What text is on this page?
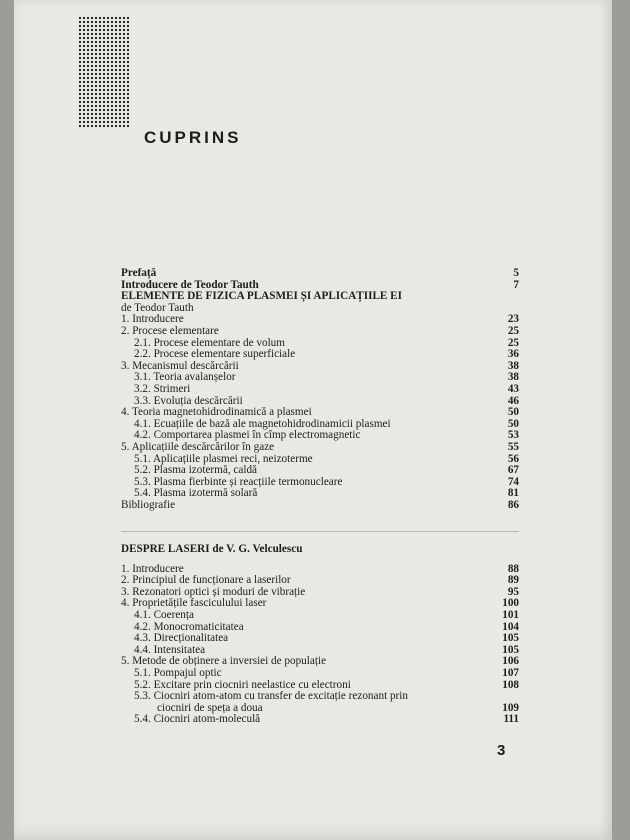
CUPRINS
Prefață	5
Introducere de Teodor Tauth	7
ELEMENTE DE FIZICA PLASMEI ȘI APLICAȚIILE EI
de Teodor Tauth
1. Introducere	23
2. Procese elementare	25
2.1. Procese elementare de volum	25
2.2. Procese elementare superficiale	36
3. Mecanismul descărcării	38
3.1. Teoria avalanșelor	38
3.2. Strimeri	43
3.3. Evoluția descărcării	46
4. Teoria magnetohidrodinamică a plasmei	50
4.1. Ecuațiile de bază ale magnetohidrodinamicii plasmei	50
4.2. Comportarea plasmei în cîmp electromagnetic	53
5. Aplicațiile descărcărilor în gaze	55
5.1. Aplicațiile plasmei reci, neizoterme	56
5.2. Plasma izotermă, caldă	67
5.3. Plasma fierbinte și reacțiile termonucleare	74
5.4. Plasma izotermă solară	81
Bibliografie	86
DESPRE LASERI de V. G. Velculescu
1. Introducere	88
2. Principiul de funcționare a laserilor	89
3. Rezonatori optici și moduri de vibrație	95
4. Proprietățile fasciculului laser	100
4.1. Coerența	101
4.2. Monocromaticitatea	104
4.3. Direcționalitatea	105
4.4. Intensitatea	105
5. Metode de obținere a inversiei de populație	106
5.1. Pompajul optic	107
5.2. Excitare prin ciocniri neelastice cu electroni	108
5.3. Ciocniri atom-atom cu transfer de excitație rezonant prin
ciocniri de speța a doua	109
5.4. Ciocniri atom-moleculă	111
3
